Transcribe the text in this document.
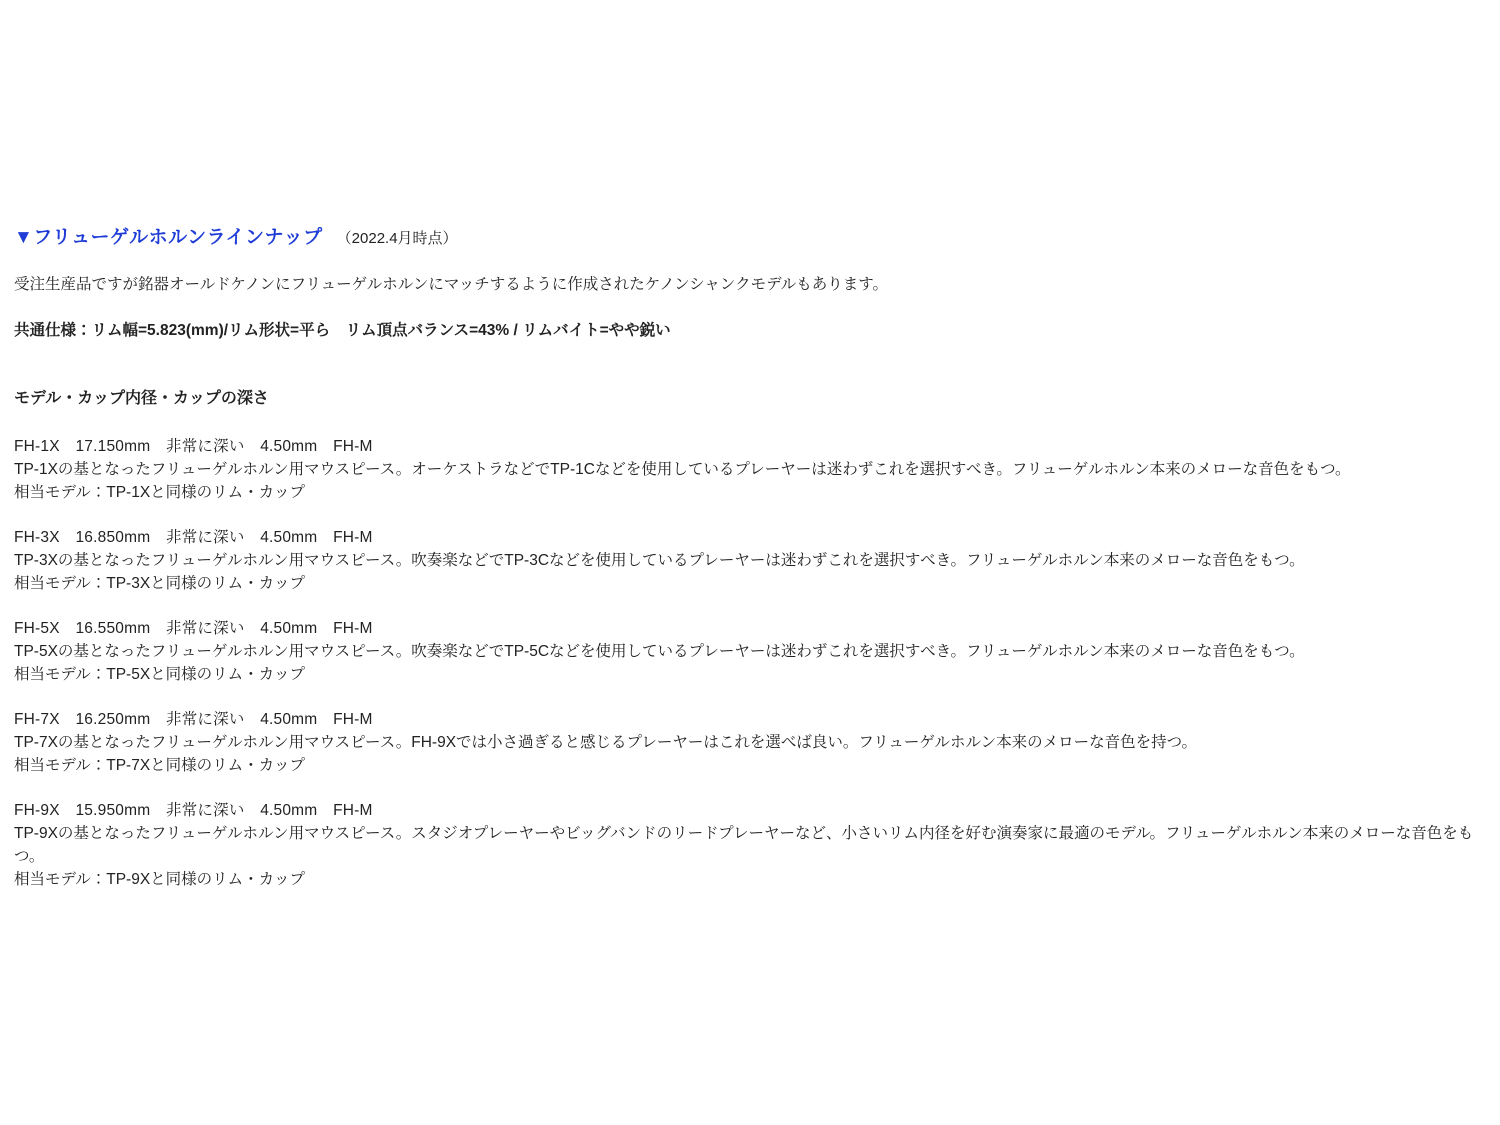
▼フリューゲルホルンラインナップ （2022.4月時点）

受注生産品ですが銘器オールドケノンにフリューゲルホルンにマッチするように作成されたケノンシャンクモデルもあります。

共通仕様：リム幅=5.823(mm)/リム形状=平ら　リム頂点バランス=43% / リムバイト=やや鋭い

モデル・カップ内径・カップの深さ

FH-1X　17.150mm　非常に深い　4.50mm　FH-M

TP-1Xの基となったフリューゲルホルン用マウスピース。オーケストラなどでTP-1Cなどを使用しているプレーヤーは迷わずこれを選択すべき。フリューゲルホルン本来のメローな音色をもつ。

相当モデル：TP-1Xと同様のリム・カップ

FH-3X　16.850mm　非常に深い　4.50mm　FH-M

TP-3Xの基となったフリューゲルホルン用マウスピース。吹奏楽などでTP-3Cなどを使用しているプレーヤーは迷わずこれを選択すべき。フリューゲルホルン本来のメローな音色をもつ。

相当モデル：TP-3Xと同様のリム・カップ

FH-5X　16.550mm　非常に深い　4.50mm　FH-M

TP-5Xの基となったフリューゲルホルン用マウスピース。吹奏楽などでTP-5Cなどを使用しているプレーヤーは迷わずこれを選択すべき。フリューゲルホルン本来のメローな音色をもつ。

相当モデル：TP-5Xと同様のリム・カップ

FH-7X　16.250mm　非常に深い　4.50mm　FH-M

TP-7Xの基となったフリューゲルホルン用マウスピース。FH-9Xでは小さ過ぎると感じるプレーヤーはこれを選べば良い。フリューゲルホルン本来のメローな音色を持つ。

相当モデル：TP-7Xと同様のリム・カップ

FH-9X　15.950mm　非常に深い　4.50mm　FH-M

TP-9Xの基となったフリューゲルホルン用マウスピース。スタジオプレーヤーやビッグバンドのリードプレーヤーなど、小さいリム内径を好む演奏家に最適のモデル。フリューゲルホルン本来のメローな音色をもつ。

相当モデル：TP-9Xと同様のリム・カップ
